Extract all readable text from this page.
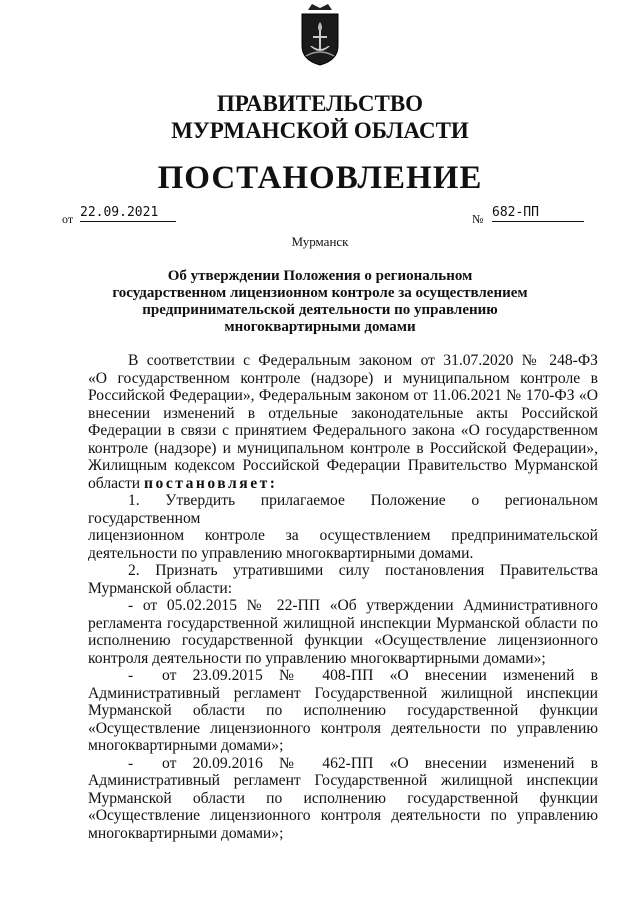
ПРАВИТЕЛЬСТВО
МУРМАНСКОЙ ОБЛАСТИ
ПОСТАНОВЛЕНИЕ
от 22.09.2021	№ 682-ПП
Мурманск
Об утверждении Положения о региональном
государственном лицензионном контроле за осуществлением
предпринимательской деятельности по управлению
многоквартирными домами

В соответствии с Федеральным законом от 31.07.2020 № 248-ФЗ

«О государственном контроле (надзоре) и муниципальном контроле в

Российской Федерации», Федеральным законом от 11.06.2021 № 170-ФЗ «О

внесении изменений в отдельные законодательные акты Российской

Федерации в связи с принятием Федерального закона «О государственном

контроле (надзоре) и муниципальном контроле в Российской Федерации»,

Жилищным кодексом Российской Федерации Правительство Мурманской

области постановляет:

1. Утвердить прилагаемое Положение о региональном государственном

лицензионном контроле за осуществлением предпринимательской

деятельности по управлению многоквартирными домами.

2. Признать утратившими силу постановления Правительства

Мурманской области:

- от 05.02.2015 № 22-ПП «Об утверждении Административного

регламента государственной жилищной инспекции Мурманской области по

исполнению государственной функции «Осуществление лицензионного

контроля деятельности по управлению многоквартирными домами»;

- от 23.09.2015 № 408-ПП «О внесении изменений в

Административный регламент Государственной жилищной инспекции

Мурманской области по исполнению государственной функции

«Осуществление лицензионного контроля деятельности по управлению

многоквартирными домами»;

- от 20.09.2016 № 462-ПП «О внесении изменений в

Административный регламент Государственной жилищной инспекции

Мурманской области по исполнению государственной функции

«Осуществление лицензионного контроля деятельности по управлению

многоквартирными домами»;
